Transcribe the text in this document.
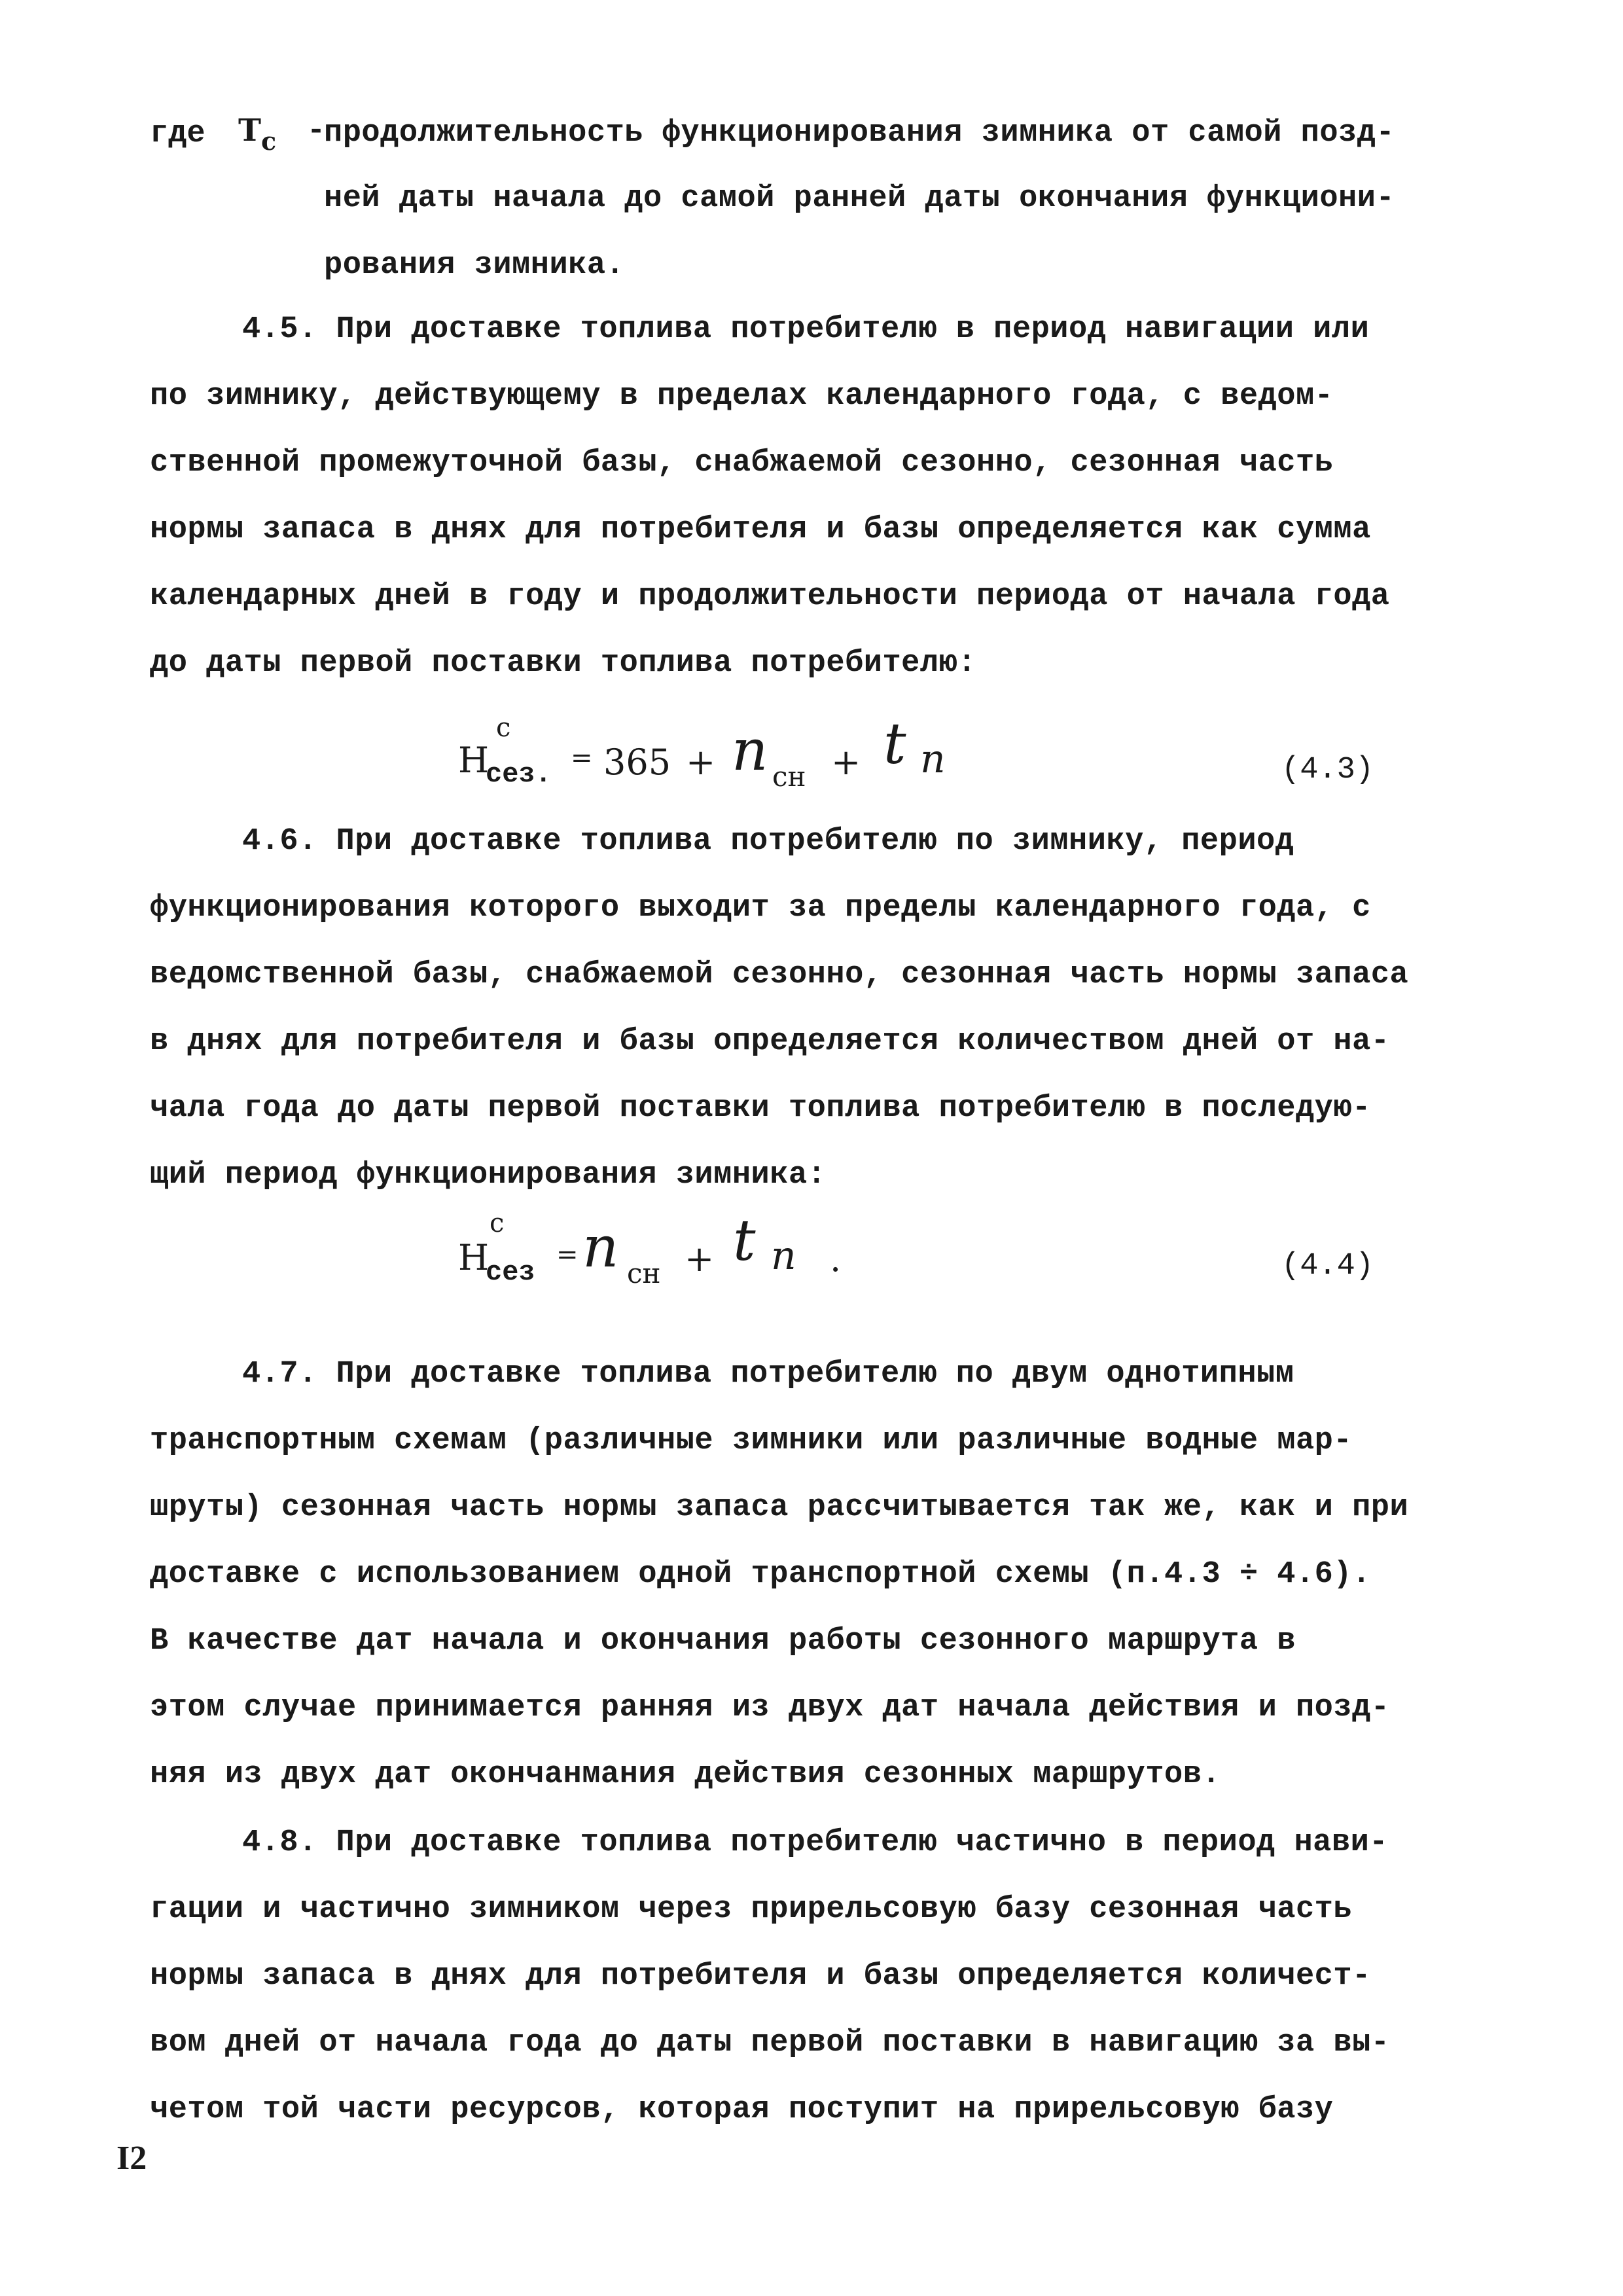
где $T_с$ -
продолжительность функционирования зимника от самой позд-
ней даты начала до самой ранней даты окончания функциони-
рования зимника.
4.5. При доставке топлива потребителю в период навигации или
по зимнику, действующему в пределах календарного года, с ведом-
ственной промежуточной базы, снабжаемой сезонно, сезонная часть
нормы запаса в днях для потребителя и базы определяется как сумма
календарных дней в году и продолжительности периода от начала года
до даты первой поставки топлива потребителю:
Н
с
сез.
= 365 + n сн + t n	(4.3)
4.6. При доставке топлива потребителю по зимнику, период
функционирования которого выходит за пределы календарного года, с
ведомственной базы, снабжаемой сезонно, сезонная часть нормы запаса
в днях для потребителя и базы определяется количеством дней от на-
чала года до даты первой поставки топлива потребителю в последую-
щий период функционирования зимника:
Н
с
сез
= n сн + t n .	(4.4)
4.7. При доставке топлива потребителю по двум однотипным
транспортным схемам (различные зимники или различные водные мар-
шруты) сезонная часть нормы запаса рассчитывается так же, как и при
доставке с использованием одной транспортной схемы (п.4.3 ÷ 4.6).
В качестве дат начала и окончания работы сезонного маршрута в
этом случае принимается ранняя из двух дат начала действия и позд-
няя из двух дат окончанмания действия сезонных маршрутов.
4.8. При доставке топлива потребителю частично в период нави-
гации и частично зимником через прирельсовую базу сезонная часть
нормы запаса в днях для потребителя и базы определяется количест-
вом дней от начала года до даты первой поставки в навигацию за вы-
четом той части ресурсов, которая поступит на прирельсовую базу
I2
